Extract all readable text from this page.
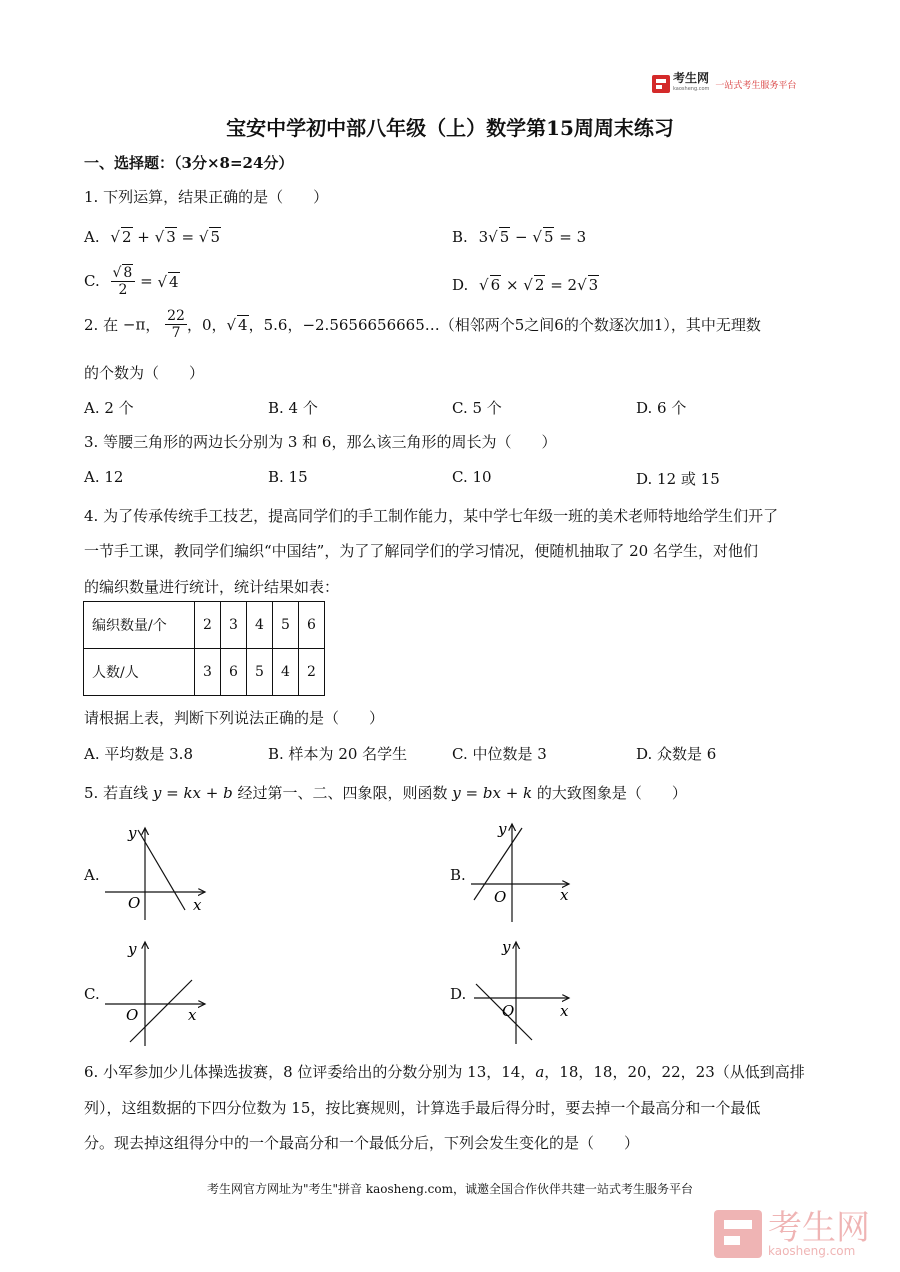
考生网
kaosheng.com 一站式考生服务平台
宝安中学初中部八年级（上）数学第15周周末练习
一、选择题：（3分×8=24分）
1. 下列运算，结果正确的是（　　）
A. √ 2 + √ 3 = √ 5	B. 3√ 5 − √ 5 = 3
C. $\frac{√ 8}{2}$ = √ 4	D. √ 6 × √ 2 = 2√ 3
2. 在 −π， $\frac{22}{7}$ ，0，√ 4，5.6，−2.5656656665…（相邻两个5之间6的个数逐次加1），其中无理数
的个数为（　　）
A. 2 个	B. 4 个	C. 5 个	D. 6 个
3. 等腰三角形的两边长分别为 3 和 6，那么该三角形的周长为（　　）
A. 12	B. 15	C. 10	D. 12 或 15
4. 为了传承传统手工技艺，提高同学们的手工制作能力，某中学七年级一班的美术老师特地给学生们开了
一节手工课，教同学们编织“中国结”，为了了解同学们的学习情况，便随机抽取了 20 名学生，对他们
的编织数量进行统计，统计结果如表：
编织数量/个	2	3	4	5	6
人数/人	3	6	5	4	2
请根据上表，判断下列说法正确的是（　　）
A. 平均数是 3.8	B. 样本为 20 名学生	C. 中位数是 3	D. 众数是 6
5. 若直线 y = kx + b 经过第一、二、四象限，则函数 y = bx + k 的大致图象是（　　）
A.
y
x
O
B.
y
x
O
C.
y
x
O
D.
y
x
O
6. 小军参加少儿体操选拔赛，8 位评委给出的分数分别为 13，14，a，18，18，20，22，23（从低到高排
列），这组数据的下四分位数为 15，按比赛规则，计算选手最后得分时，要去掉一个最高分和一个最低
分。现去掉这组得分中的一个最高分和一个最低分后，下列会发生变化的是（　　）
考生网官方网址为"考生"拼音 kaosheng.com，诚邀全国合作伙伴共建一站式考生服务平台
考生网
kaosheng.com
